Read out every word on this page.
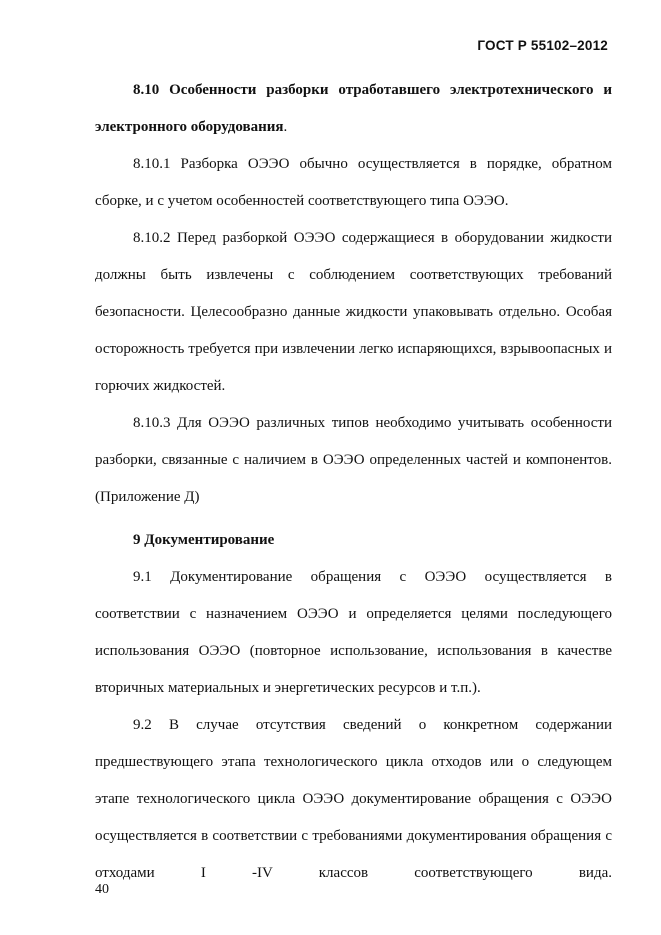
ГОСТ Р 55102–2012

8.10 Особенности разборки отработавшего электротехнического и электронного оборудования.

8.10.1 Разборка ОЭЭО обычно осуществляется в порядке, обратном сборке, и с учетом особенностей соответствующего типа ОЭЭО.

8.10.2 Перед разборкой ОЭЭО содержащиеся в оборудовании жидкости должны быть извлечены с соблюдением соответствующих требований безопасности. Целесообразно данные жидкости упаковывать отдельно. Особая осторожность требуется при извлечении легко испаряющихся, взрывоопасных и горючих жидкостей.

8.10.3 Для ОЭЭО различных типов необходимо учитывать особенности разборки, связанные с наличием в ОЭЭО определенных частей и компонентов. (Приложение Д)

9 Документирование

9.1 Документирование обращения с ОЭЭО осуществляется в соответствии с назначением ОЭЭО и определяется целями последующего использования ОЭЭО (повторное использование, использования в качестве вторичных материальных и энергетических ресурсов и т.п.).

9.2 В случае отсутствия сведений о конкретном содержании предшествующего этапа технологического цикла отходов или о следующем этапе технологического цикла ОЭЭО документирование обращения с ОЭЭО осуществляется в соответствии с требованиями документирования обращения с отходами I -IV классов соответствующего вида.

40
